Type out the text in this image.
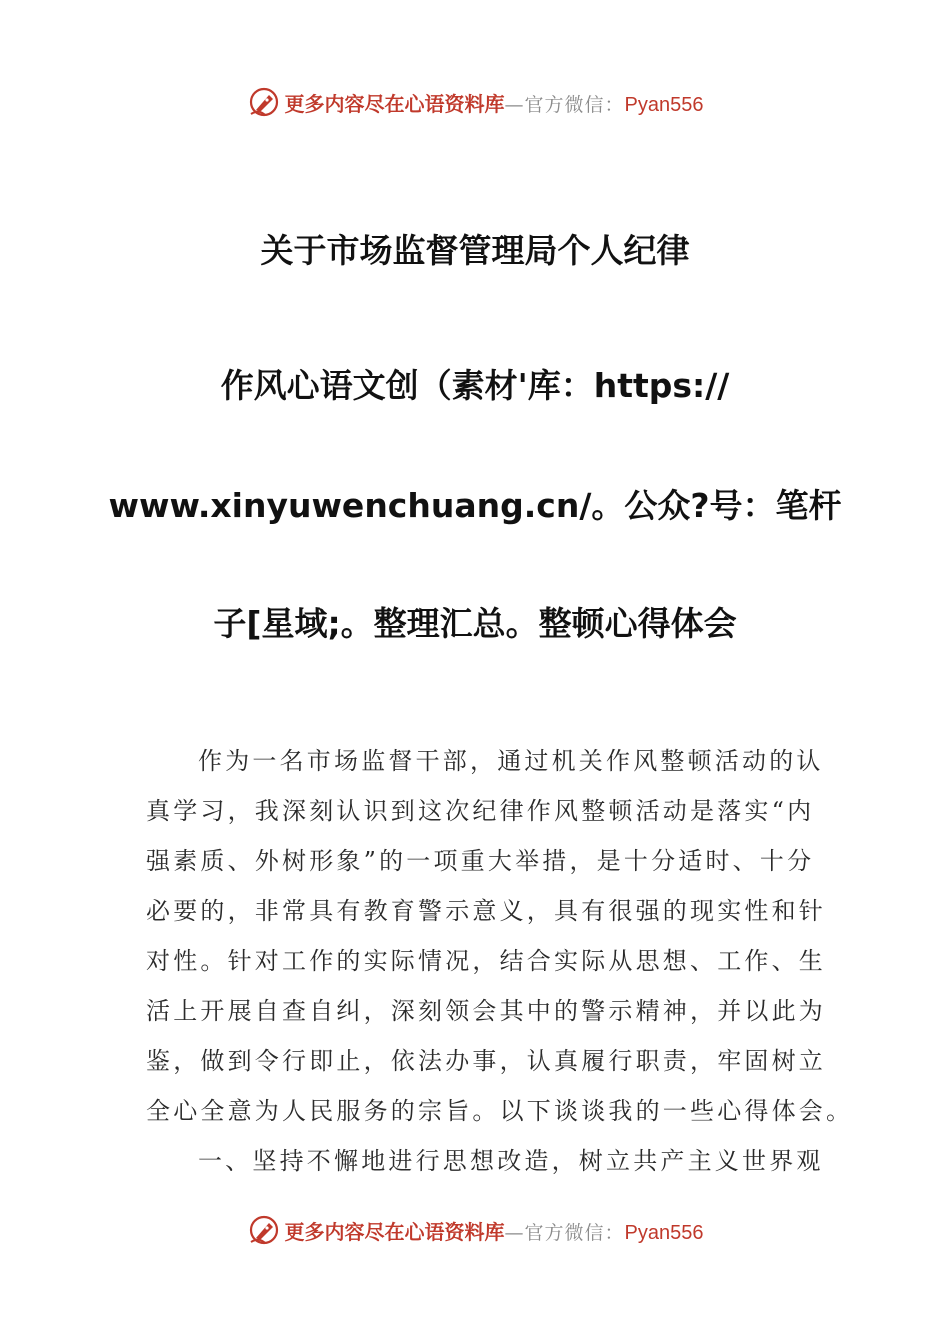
更多内容尽在心语资料库 — 官方微信： Pyan556
关于市场监督管理局个人纪律
作风心语文创（素材'库：https://
www.xinyuwenchuang.cn/。公众?号：笔杆
子[星域;。整理汇总。整顿心得体会
作为一名市场监督干部，通过机关作风整顿活动的认
真学习，我深刻认识到这次纪律作风整顿活动是落实“内
强素质、外树形象”的一项重大举措，是十分适时、十分
必要的，非常具有教育警示意义，具有很强的现实性和针
对性。针对工作的实际情况，结合实际从思想、工作、生
活上开展自查自纠，深刻领会其中的警示精神，并以此为
鉴，做到令行即止，依法办事，认真履行职责，牢固树立
全心全意为人民服务的宗旨。以下谈谈我的一些心得体会。
一、坚持不懈地进行思想改造，树立共产主义世界观
更多内容尽在心语资料库 — 官方微信： Pyan556
